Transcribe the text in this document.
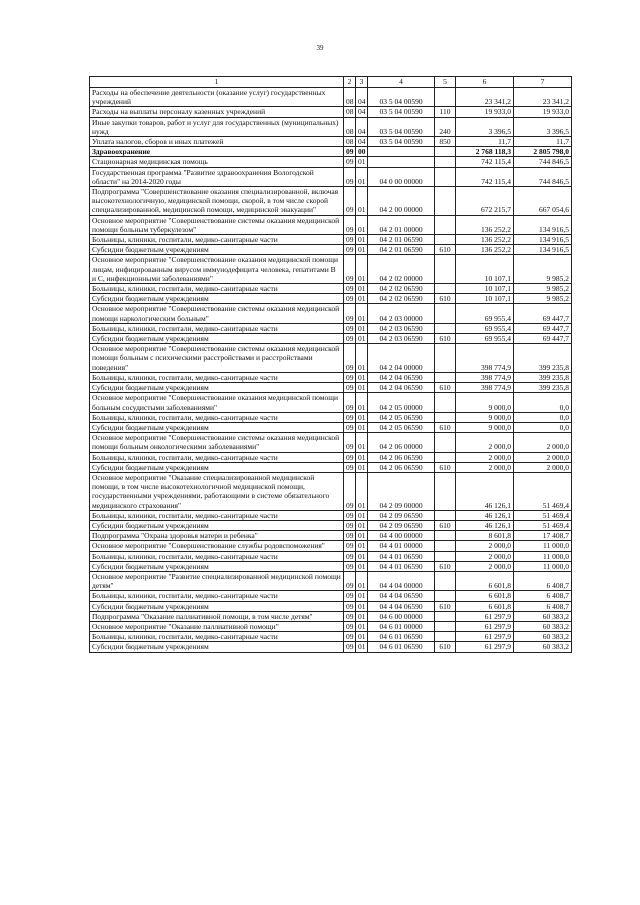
39
1	2	3	4	5	6	7
Расходы на обеспечение деятельности (оказание услуг) государственных учреждений	08	04	03 5 04 00590		23 341,2	23 341,2
Расходы на выплаты персоналу казенных учреждений	08	04	03 5 04 00590	110	19 933,0	19 933,0
Иные закупки товаров, работ и услуг для государственных (муниципальных) нужд	08	04	03 5 04 00590	240	3 396,5	3 396,5
Уплата налогов, сборов и иных платежей	08	04	03 5 04 00590	850	11,7	11,7
Здравоохранение	09	00			2 768 118,3	2 805 798,0
Стационарная медицинская помощь	09	01			742 115,4	744 846,5
Государственная программа "Развитие здравоохранения Вологодской области" на 2014-2020 годы	09	01	04 0 00 00000		742 115,4	744 846,5
Подпрограмма "Совершенствование оказания специализированной, включая высокотехнологичную, медицинской помощи, скорой, в том числе скорой специализированной, медицинской помощи, медицинской эвакуации"	09	01	04 2 00 00000		672 215,7	667 054,6
Основное мероприятие "Совершенствование системы оказания медицинской помощи больным туберкулезом"	09	01	04 2 01 00000		136 252,2	134 916,5
Больницы, клиники, госпитали, медико-санитарные части	09	01	04 2 01 06590		136 252,2	134 916,5
Субсидии бюджетным учреждениям	09	01	04 2 01 06590	610	136 252,2	134 916,5
Основное мероприятие "Совершенствование оказания медицинской помощи лицам, инфицированным вирусом иммунодефицита человека, гепатитами В и С, инфекционными заболеваниями"	09	01	04 2 02 00000		10 107,1	9 985,2
Больницы, клиники, госпитали, медико-санитарные части	09	01	04 2 02 06590		10 107,1	9 985,2
Субсидии бюджетным учреждениям	09	01	04 2 02 06590	610	10 107,1	9 985,2
Основное мероприятие "Совершенствование системы оказания медицинской помощи наркологическим больным"	09	01	04 2 03 00000		69 955,4	69 447,7
Больницы, клиники, госпитали, медико-санитарные части	09	01	04 2 03 06590		69 955,4	69 447,7
Субсидии бюджетным учреждениям	09	01	04 2 03 06590	610	69 955,4	69 447,7
Основное мероприятие "Совершенствование системы оказания медицинской помощи больным с психическими расстройствами и расстройствами поведения"	09	01	04 2 04 00000		398 774,9	399 235,8
Больницы, клиники, госпитали, медико-санитарные части	09	01	04 2 04 06590		398 774,9	399 235,8
Субсидии бюджетным учреждениям	09	01	04 2 04 06590	610	398 774,9	399 235,8
Основное мероприятие "Совершенствование оказания медицинской помощи больным сосудистыми заболеваниями"	09	01	04 2 05 00000		9 000,0	0,0
Больницы, клиники, госпитали, медико-санитарные части	09	01	04 2 05 06590		9 000,0	0,0
Субсидии бюджетным учреждениям	09	01	04 2 05 06590	610	9 000,0	0,0
Основное мероприятие "Совершенствование системы оказания медицинской помощи больным онкологическими заболеваниями"	09	01	04 2 06 00000		2 000,0	2 000,0
Больницы, клиники, госпитали, медико-санитарные части	09	01	04 2 06 06590		2 000,0	2 000,0
Субсидии бюджетным учреждениям	09	01	04 2 06 06590	610	2 000,0	2 000,0
Основное мероприятие "Оказание специализированной медицинской помощи, в том числе высокотехнологичной медицинской помощи, государственными учреждениями, работающими в системе обязательного медицинского страхования"	09	01	04 2 09 00000		46 126,1	51 469,4
Больницы, клиники, госпитали, медико-санитарные части	09	01	04 2 09 06590		46 126,1	51 469,4
Субсидии бюджетным учреждениям	09	01	04 2 09 06590	610	46 126,1	51 469,4
Подпрограмма "Охрана здоровья матери и ребенка"	09	01	04 4 00 00000		8 601,8	17 408,7
Основное мероприятие "Совершенствование службы родовспоможения"	09	01	04 4 01 00000		2 000,0	11 000,0
Больницы, клиники, госпитали, медико-санитарные части	09	01	04 4 01 06590		2 000,0	11 000,0
Субсидии бюджетным учреждениям	09	01	04 4 01 06590	610	2 000,0	11 000,0
Основное мероприятие "Развитие специализированной медицинской помощи детям"	09	01	04 4 04 00000		6 601,8	6 408,7
Больницы, клиники, госпитали, медико-санитарные части	09	01	04 4 04 06590		6 601,8	6 408,7
Субсидии бюджетным учреждениям	09	01	04 4 04 06590	610	6 601,8	6 408,7
Подпрограмма "Оказание паллиативной помощи, в том числе детям"	09	01	04 6 00 00000		61 297,9	60 383,2
Основное мероприятие "Оказание паллиативной помощи"	09	01	04 6 01 00000		61 297,9	60 383,2
Больницы, клиники, госпитали, медико-санитарные части	09	01	04 6 01 06590		61 297,9	60 383,2
Субсидии бюджетным учреждениям	09	01	04 6 01 06590	610	61 297,9	60 383,2
